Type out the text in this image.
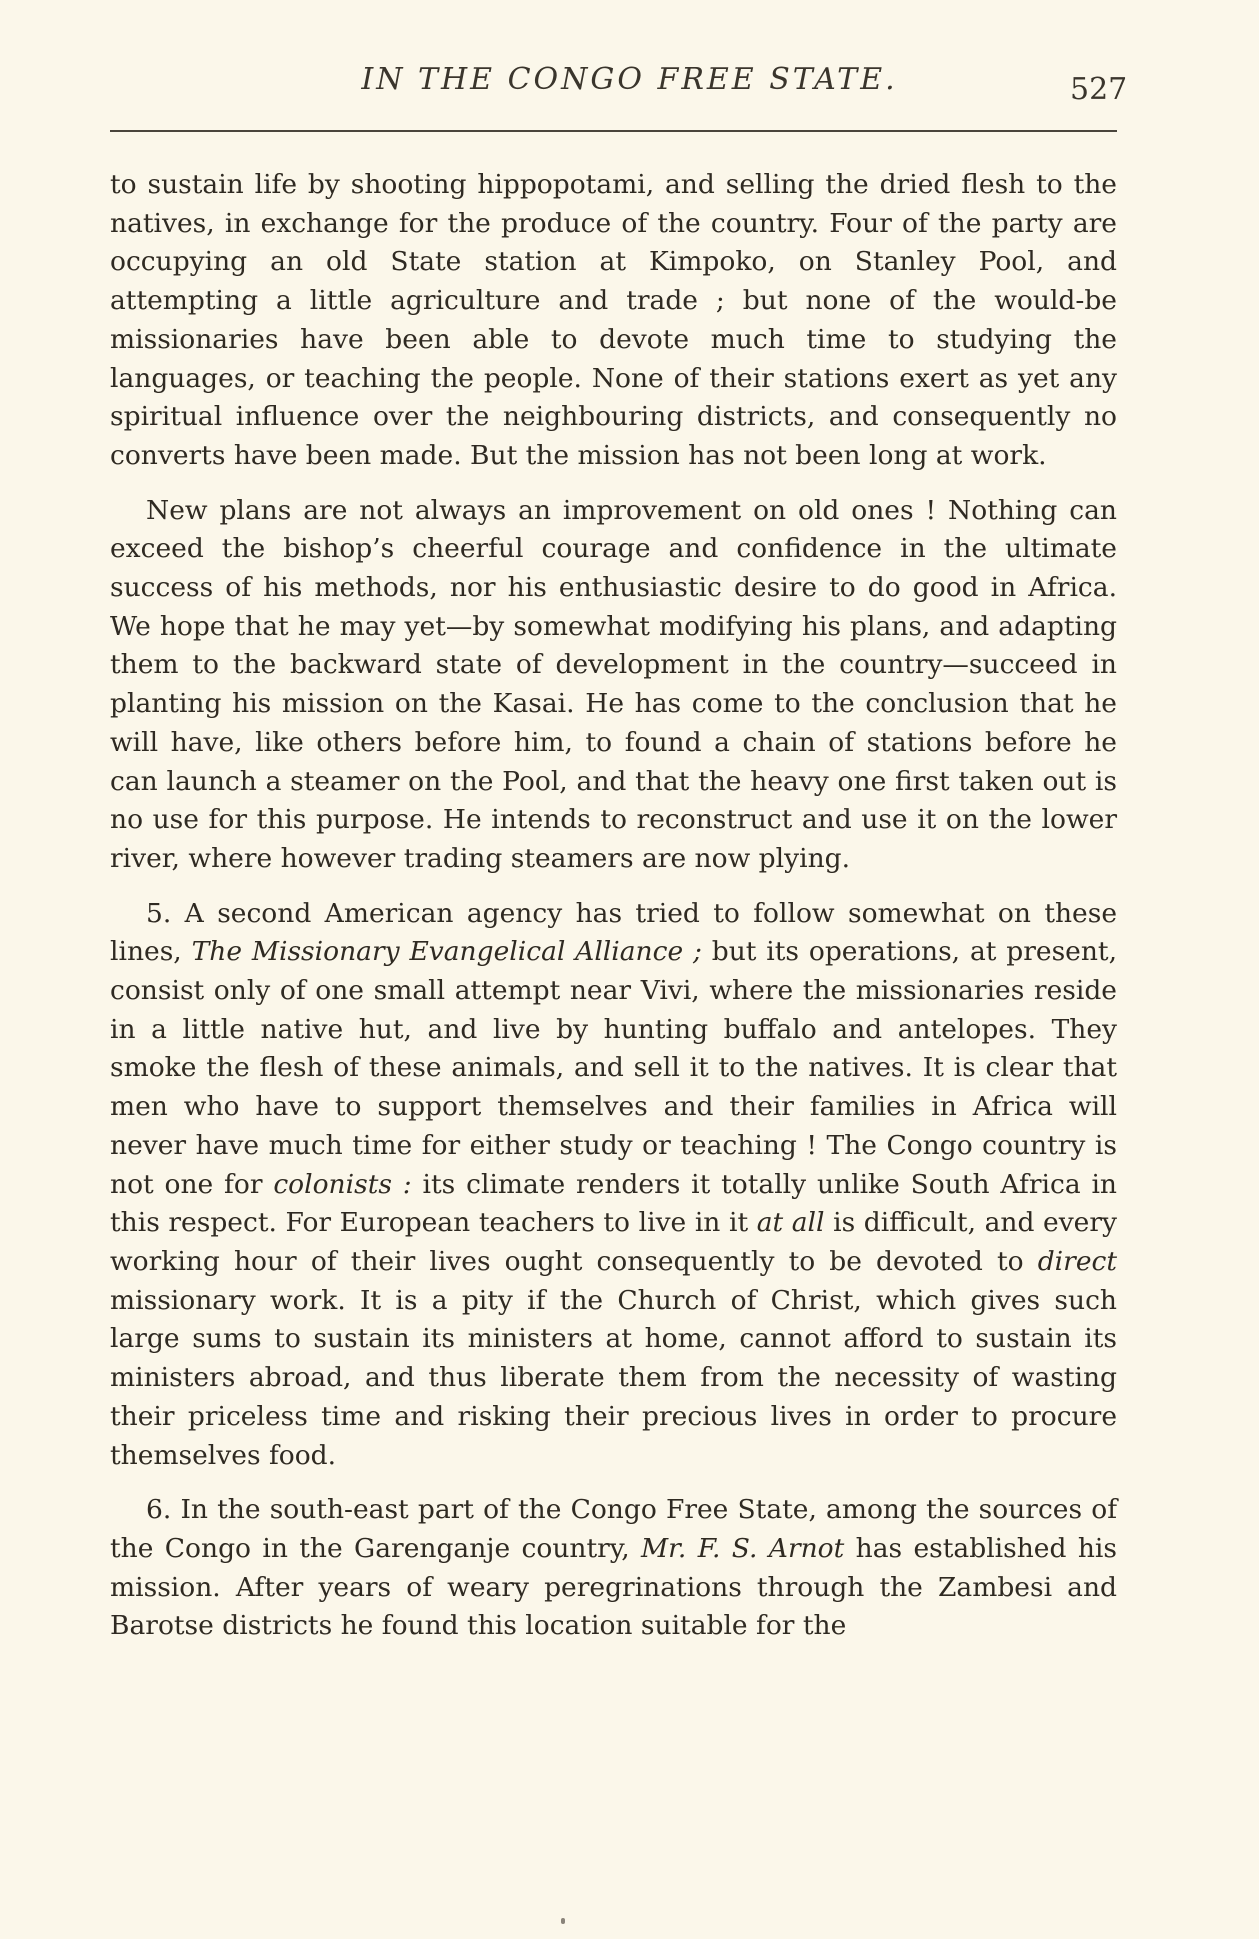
IN THE CONGO FREE STATE.	527

to sustain life by shooting hippopotami, and selling the dried flesh to the natives, in exchange for the produce of the country. Four of the party are occupying an old State station at Kimpoko, on Stanley Pool, and attempting a little agriculture and trade ; but none of the would-be missionaries have been able to devote much time to studying the languages, or teaching the people. None of their stations exert as yet any spiritual influence over the neighbouring districts, and consequently no converts have been made. But the mission has not been long at work.

New plans are not always an improvement on old ones ! Nothing can exceed the bishop’s cheerful courage and confidence in the ultimate success of his methods, nor his enthusiastic desire to do good in Africa. We hope that he may yet—by somewhat modifying his plans, and adapting them to the backward state of development in the country—succeed in planting his mission on the Kasai. He has come to the conclusion that he will have, like others before him, to found a chain of stations before he can launch a steamer on the Pool, and that the heavy one first taken out is no use for this purpose. He intends to reconstruct and use it on the lower river, where however trading steamers are now plying.

5. A second American agency has tried to follow somewhat on these lines, The Missionary Evangelical Alliance ; but its operations, at present, consist only of one small attempt near Vivi, where the missionaries reside in a little native hut, and live by hunting buffalo and antelopes. They smoke the flesh of these animals, and sell it to the natives. It is clear that men who have to support themselves and their families in Africa will never have much time for either study or teaching ! The Congo country is not one for colonists : its climate renders it totally unlike South Africa in this respect. For European teachers to live in it at all is difficult, and every working hour of their lives ought consequently to be devoted to direct missionary work. It is a pity if the Church of Christ, which gives such large sums to sustain its ministers at home, cannot afford to sustain its ministers abroad, and thus liberate them from the necessity of wasting their priceless time and risking their precious lives in order to procure themselves food.

6. In the south-east part of the Congo Free State, among the sources of the Congo in the Garenganje country, Mr. F. S. Arnot has established his mission. After years of weary peregrinations through the Zambesi and Barotse districts he found this location suitable for the
